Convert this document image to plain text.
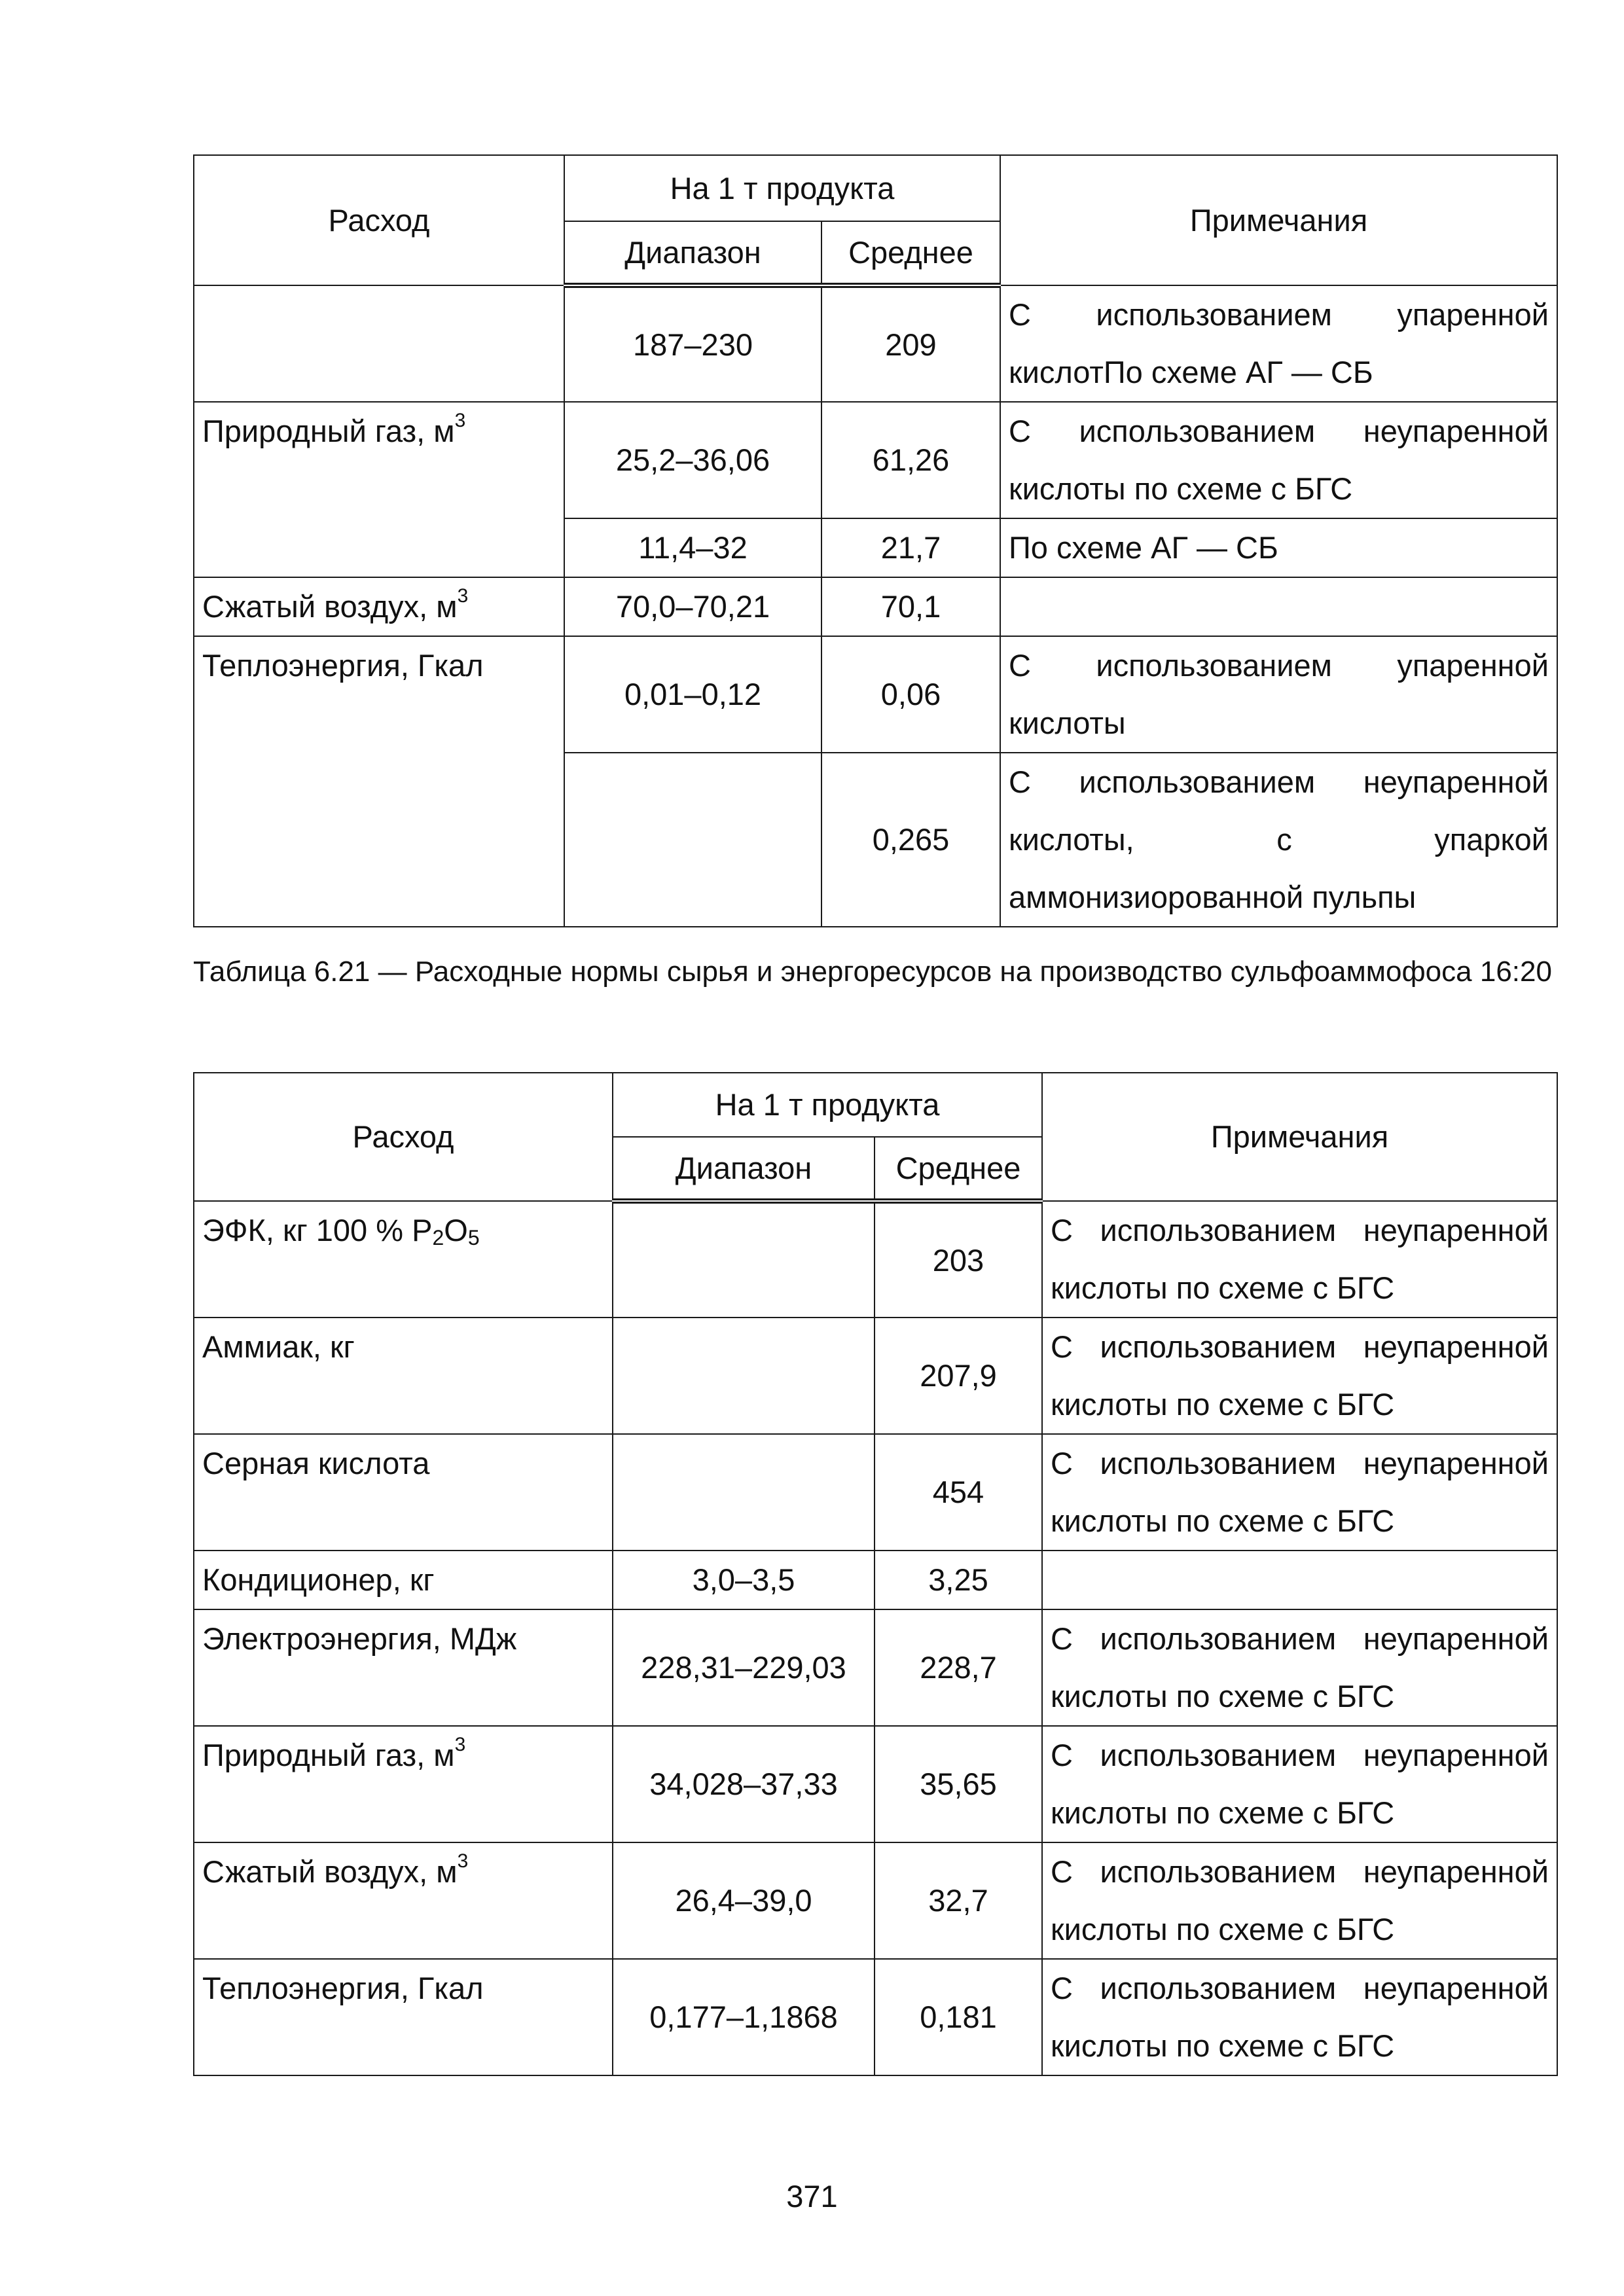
Расход	На 1 т продукта		Примечания
	Диапазон	Среднее	
	187–230	209	С использованием упаренной кислотПо схеме АГ — СБ
Природный газ, $м^3$	25,2–36,06	61,26	С использованием неупаренной кислоты по схеме с БГС
	11,4–32	21,7	По схеме АГ — СБ
Сжатый воздух, $м^3$	70,0–70,21	70,1	
Теплоэнергия, Гкал	0,01–0,12	0,06	С использованием упаренной кислоты
		0,265	С использованием неупаренной кислоты, с упаркой аммонизиорованной пульпы
Таблица 6.21 — Расходные нормы сырья и энергоресурсов на производство сульфоаммофоса 16:20
Расход	На 1 т продукта		Примечания
	Диапазон	Среднее	
ЭФК, кг 100 % $P_2O_5$		203	С использованием неупаренной кислоты по схеме с БГС
Аммиак, кг		207,9	С использованием неупаренной кислоты по схеме с БГС
Серная кислота		454	С использованием неупаренной кислоты по схеме с БГС
Кондиционер, кг	3,0–3,5	3,25	
Электроэнергия, МДж	228,31–229,03	228,7	С использованием неупаренной кислоты по схеме с БГС
Природный газ, $м^3$	34,028–37,33	35,65	С использованием неупаренной кислоты по схеме с БГС
Сжатый воздух, $м^3$	26,4–39,0	32,7	С использованием неупаренной кислоты по схеме с БГС
Теплоэнергия, Гкал	0,177–1,1868	0,181	С использованием неупаренной кислоты по схеме с БГС
371
